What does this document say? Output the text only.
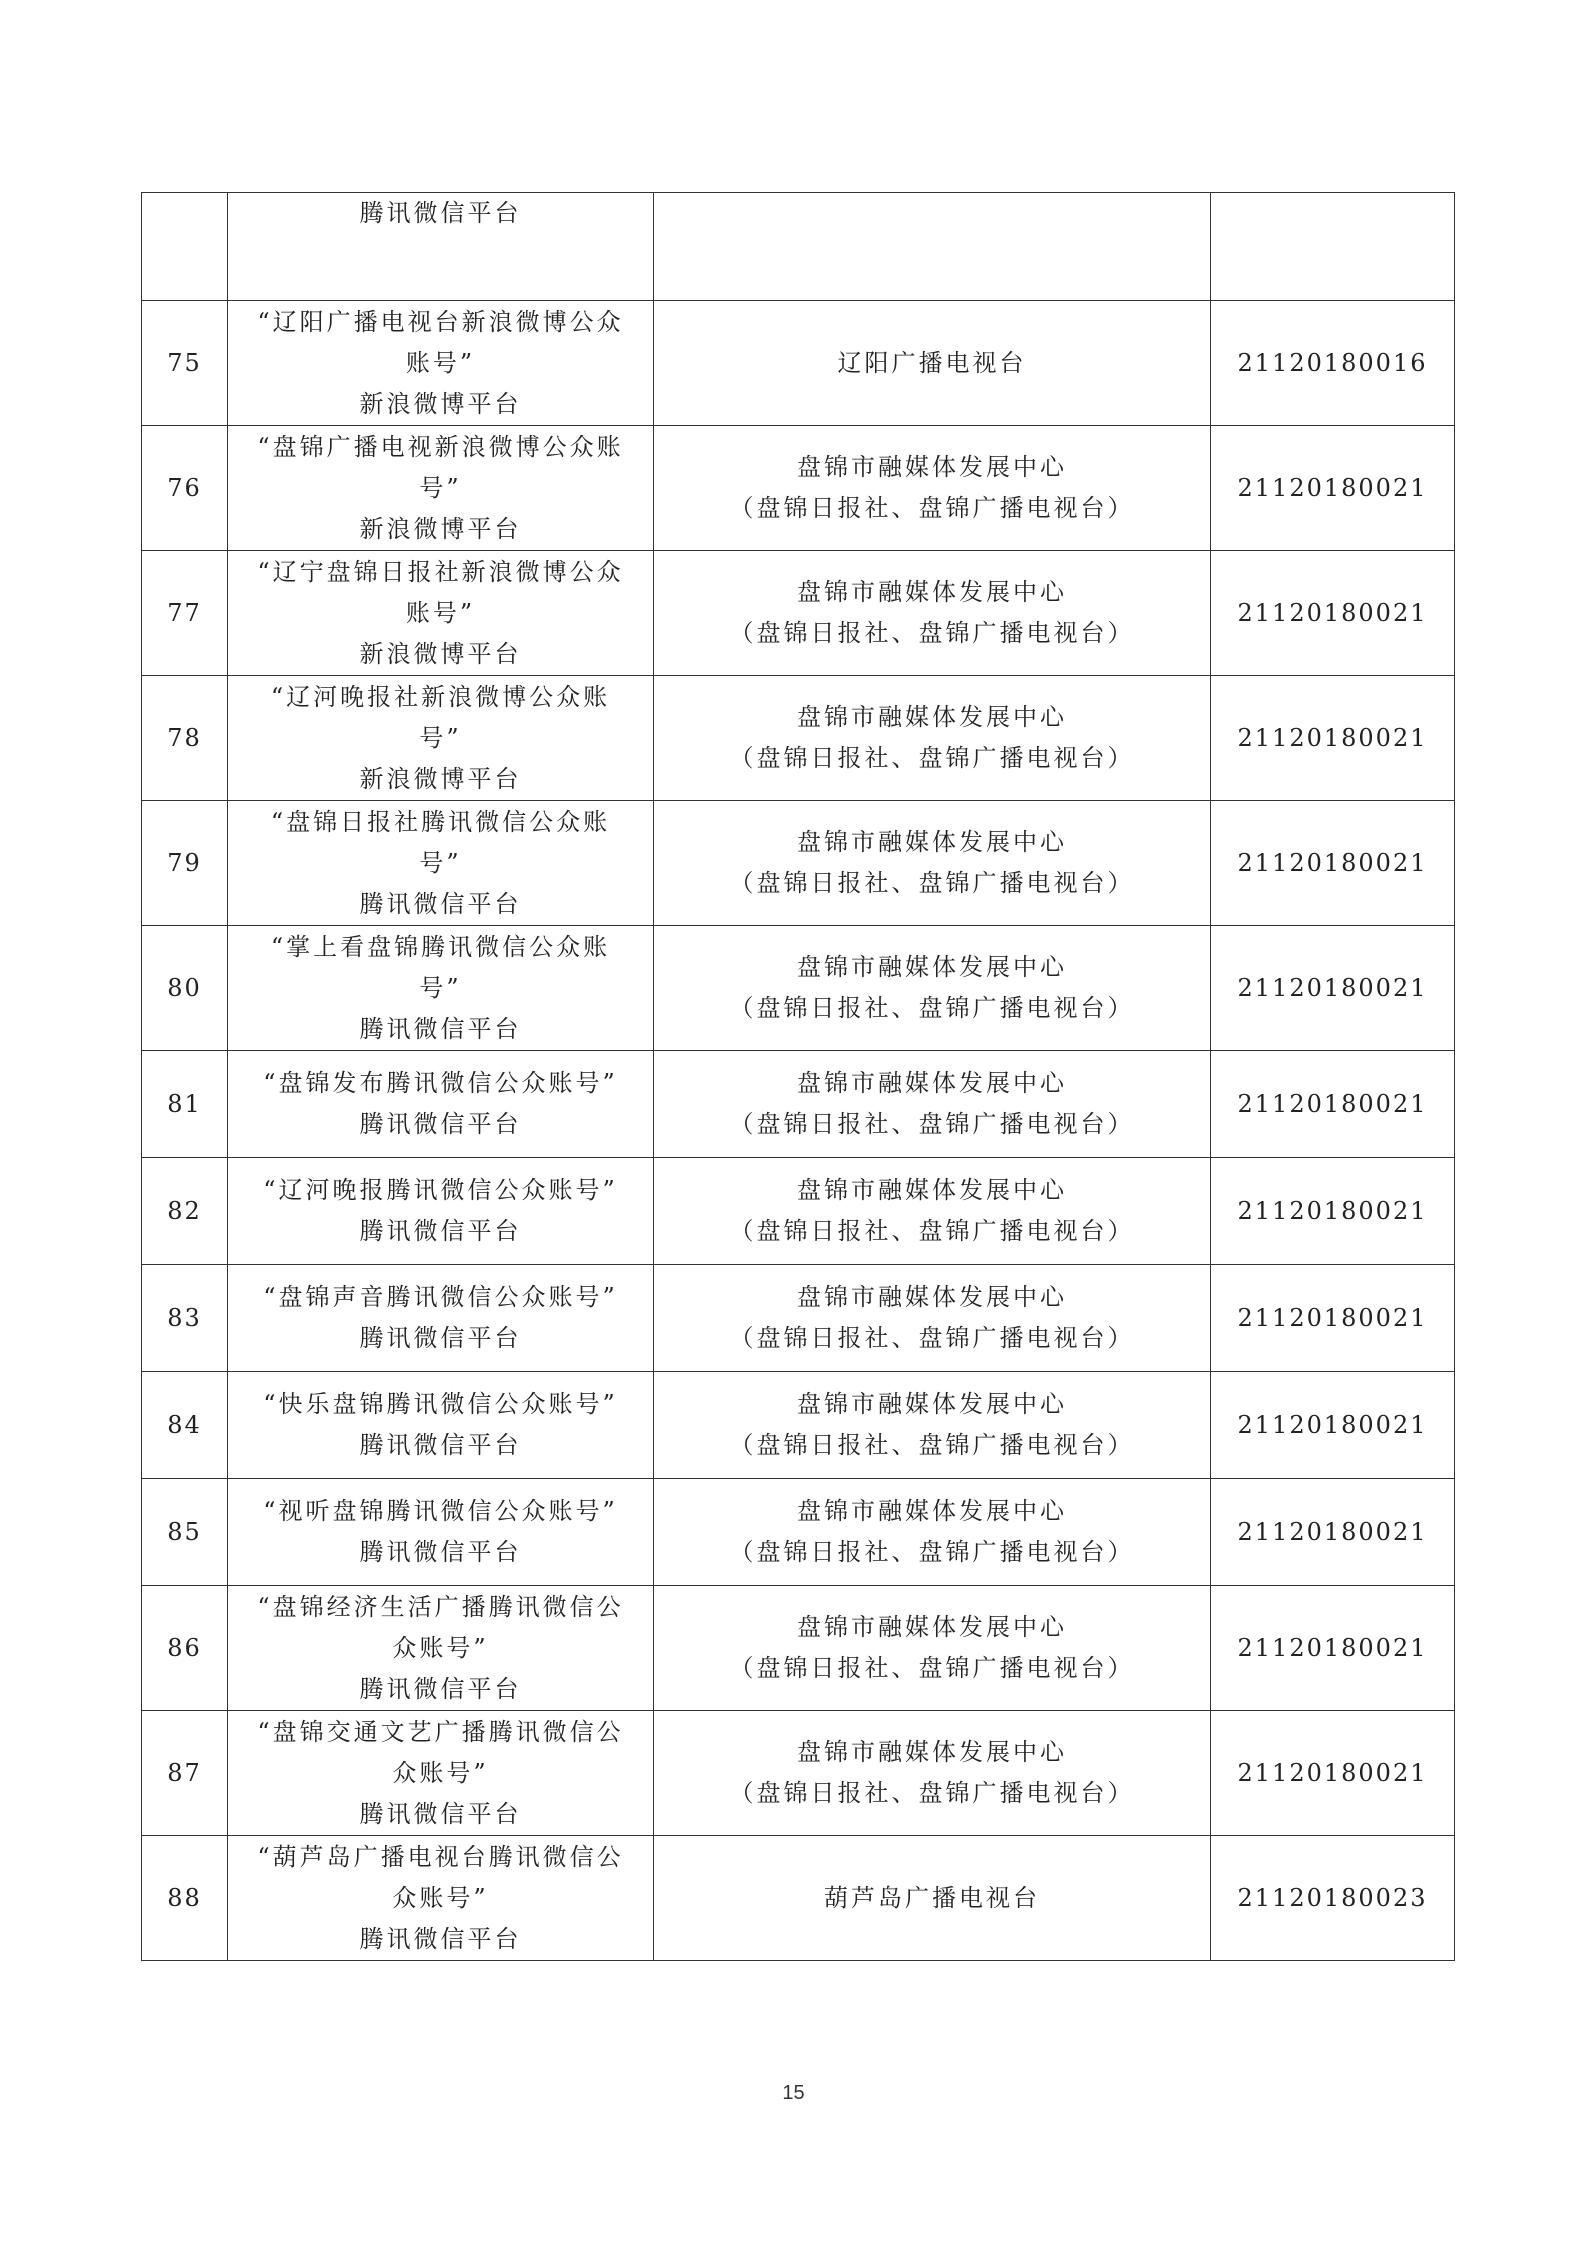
	腾讯微信平台		

75	“辽阳广播电视台新浪微博公众
账号”
新浪微博平台	辽阳广播电视台	21120180016
76	“盘锦广播电视新浪微博公众账
号”
新浪微博平台	盘锦市融媒体发展中心
（盘锦日报社、盘锦广播电视台）	21120180021
77	“辽宁盘锦日报社新浪微博公众
账号”
新浪微博平台	盘锦市融媒体发展中心
（盘锦日报社、盘锦广播电视台）	21120180021
78	“辽河晚报社新浪微博公众账
号”
新浪微博平台	盘锦市融媒体发展中心
（盘锦日报社、盘锦广播电视台）	21120180021
79	“盘锦日报社腾讯微信公众账
号”
腾讯微信平台	盘锦市融媒体发展中心
（盘锦日报社、盘锦广播电视台）	21120180021
80	“掌上看盘锦腾讯微信公众账
号”
腾讯微信平台	盘锦市融媒体发展中心
（盘锦日报社、盘锦广播电视台）	21120180021
81	“盘锦发布腾讯微信公众账号”
腾讯微信平台	盘锦市融媒体发展中心
（盘锦日报社、盘锦广播电视台）	21120180021
82	“辽河晚报腾讯微信公众账号”
腾讯微信平台	盘锦市融媒体发展中心
（盘锦日报社、盘锦广播电视台）	21120180021
83	“盘锦声音腾讯微信公众账号”
腾讯微信平台	盘锦市融媒体发展中心
（盘锦日报社、盘锦广播电视台）	21120180021
84	“快乐盘锦腾讯微信公众账号”
腾讯微信平台	盘锦市融媒体发展中心
（盘锦日报社、盘锦广播电视台）	21120180021
85	“视听盘锦腾讯微信公众账号”
腾讯微信平台	盘锦市融媒体发展中心
（盘锦日报社、盘锦广播电视台）	21120180021
86	“盘锦经济生活广播腾讯微信公
众账号”
腾讯微信平台	盘锦市融媒体发展中心
（盘锦日报社、盘锦广播电视台）	21120180021
87	“盘锦交通文艺广播腾讯微信公
众账号”
腾讯微信平台	盘锦市融媒体发展中心
（盘锦日报社、盘锦广播电视台）	21120180021
88	“葫芦岛广播电视台腾讯微信公
众账号”
腾讯微信平台	葫芦岛广播电视台	21120180023
15
